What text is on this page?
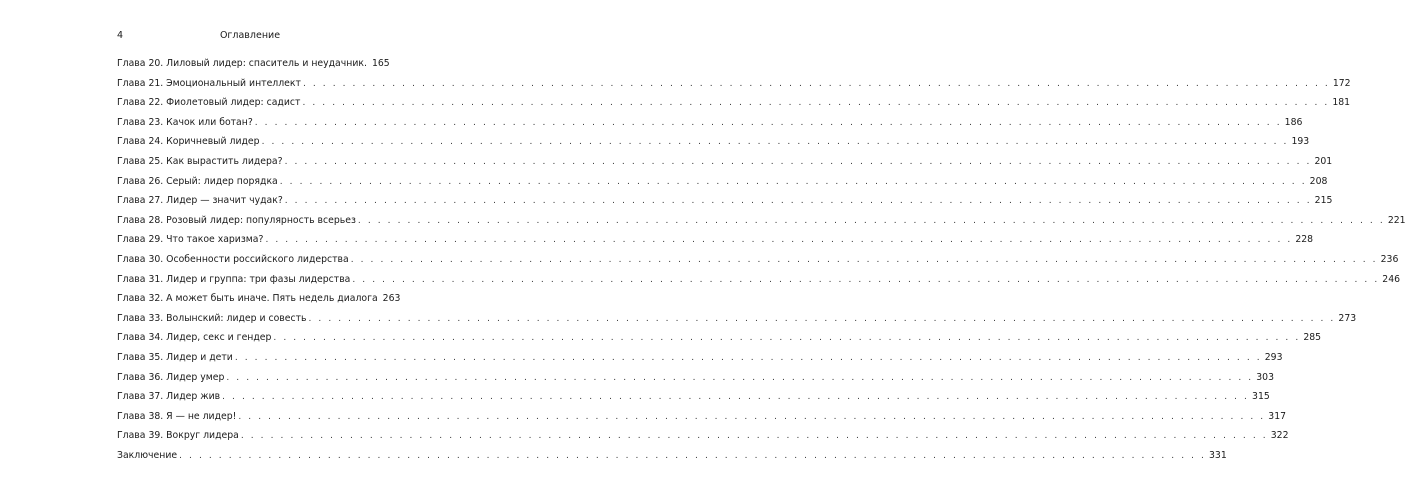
4	Оглавление
Глава 20. Лиловый лидер: спаситель и неудачник. 165
Глава 21. Эмоциональный интеллект . . .	172
Глава 22. Фиолетовый лидер: садист . . .	181
Глава 23. Качок или ботан? . . .	186
Глава 24. Коричневый лидер . . .	193
Глава 25. Как вырастить лидера? . . .	201
Глава 26. Серый: лидер порядка . . .	208
Глава 27. Лидер — значит чудак? . . .	215
Глава 28. Розовый лидер: популярность всерьез . . .	221
Глава 29. Что такое харизма? . . .	228
Глава 30. Особенности российского лидерства . . .	236
Глава 31. Лидер и группа: три фазы лидерства . . .	246
Глава 32. А может быть иначе. Пять недель диалога 263
Глава 33. Волынский: лидер и совесть . . .	273
Глава 34. Лидер, секс и гендер . . .	285
Глава 35. Лидер и дети . . .	293
Глава 36. Лидер умер . . .	303
Глава 37. Лидер жив . . .	315
Глава 38. Я — не лидер! . . .	317
Глава 39. Вокруг лидера . . .	322
Заключение . . .	331
